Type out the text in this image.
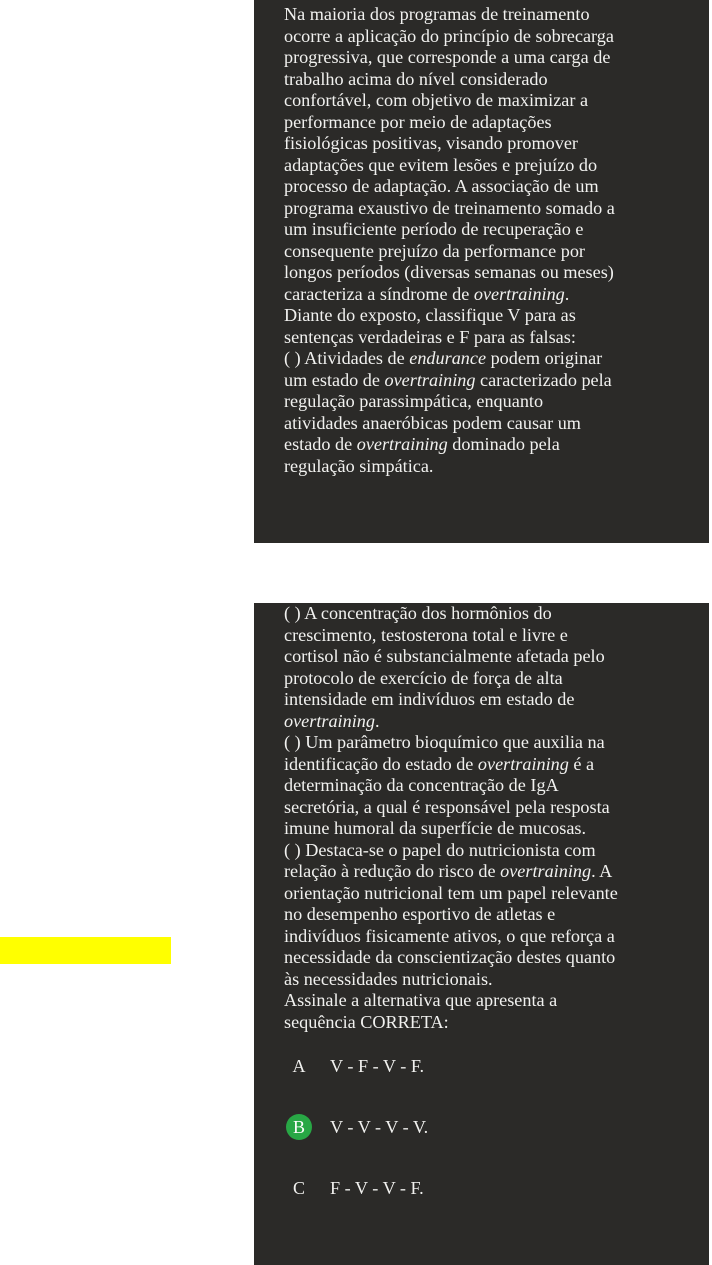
Na maioria dos programas de treinamento
ocorre a aplicação do princípio de sobrecarga
progressiva, que corresponde a uma carga de
trabalho acima do nível considerado
confortável, com objetivo de maximizar a
performance por meio de adaptações
fisiológicas positivas, visando promover
adaptações que evitem lesões e prejuízo do
processo de adaptação. A associação de um
programa exaustivo de treinamento somado a
um insuficiente período de recuperação e
consequente prejuízo da performance por
longos períodos (diversas semanas ou meses)
caracteriza a síndrome de overtraining.
Diante do exposto, classifique V para as
sentenças verdadeiras e F para as falsas:
( ) Atividades de endurance podem originar
um estado de overtraining caracterizado pela
regulação parassimpática, enquanto
atividades anaeróbicas podem causar um
estado de overtraining dominado pela
regulação simpática.

( ) A concentração dos hormônios do
crescimento, testosterona total e livre e
cortisol não é substancialmente afetada pelo
protocolo de exercício de força de alta
intensidade em indivíduos em estado de
overtraining.
( ) Um parâmetro bioquímico que auxilia na
identificação do estado de overtraining é a
determinação da concentração de IgA
secretória, a qual é responsável pela resposta
imune humoral da superfície de mucosas.
( ) Destaca-se o papel do nutricionista com
relação à redução do risco de overtraining. A
orientação nutricional tem um papel relevante
no desempenho esportivo de atletas e
indivíduos fisicamente ativos, o que reforça a
necessidade da conscientização destes quanto
às necessidades nutricionais.
Assinale a alternativa que apresenta a
sequência CORRETA:

A	V - F - V - F.
B	V - V - V - V.
C	F - V - V - F.
